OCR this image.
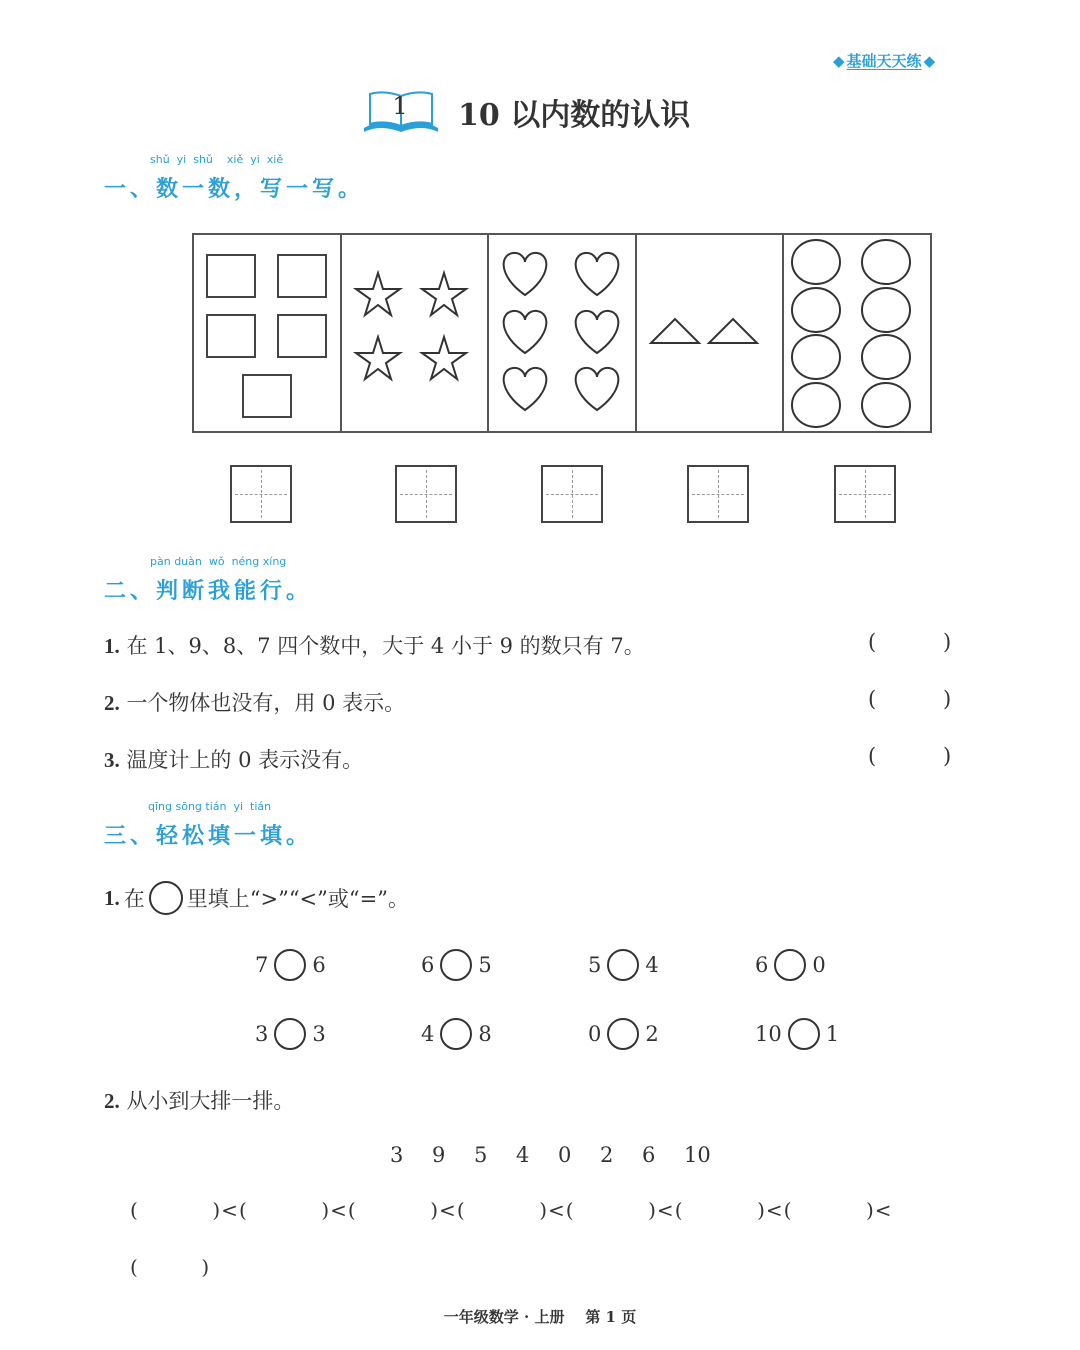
◆ 基础天天练 ◆
1	10 以内数的认识
shǔ  yi  shǔ    xiě  yi  xiě
一、数一数，写一写。
pàn duàn  wǒ  néng xíng
二、判断我能行。
1. 在 1、9、8、7 四个数中，大于 4 小于 9 的数只有 7。	(          )
2. 一个物体也没有，用 0 表示。	(          )
3. 温度计上的 0 表示没有。	(          )
qīng sōng tián  yi  tián
三、轻松填一填。
1. 在 里填上“>”“<”或“=”。
7 6	6 5	5 4	6 0
3 3	4 8	0 2	10 1
2. 从小到大排一排。
3	9	5	4	0	2	6	10
(          )<(          )<(          )<(          )<(          )<(          )<(          )<
(          )
一年级数学 · 上册    第 1 页
